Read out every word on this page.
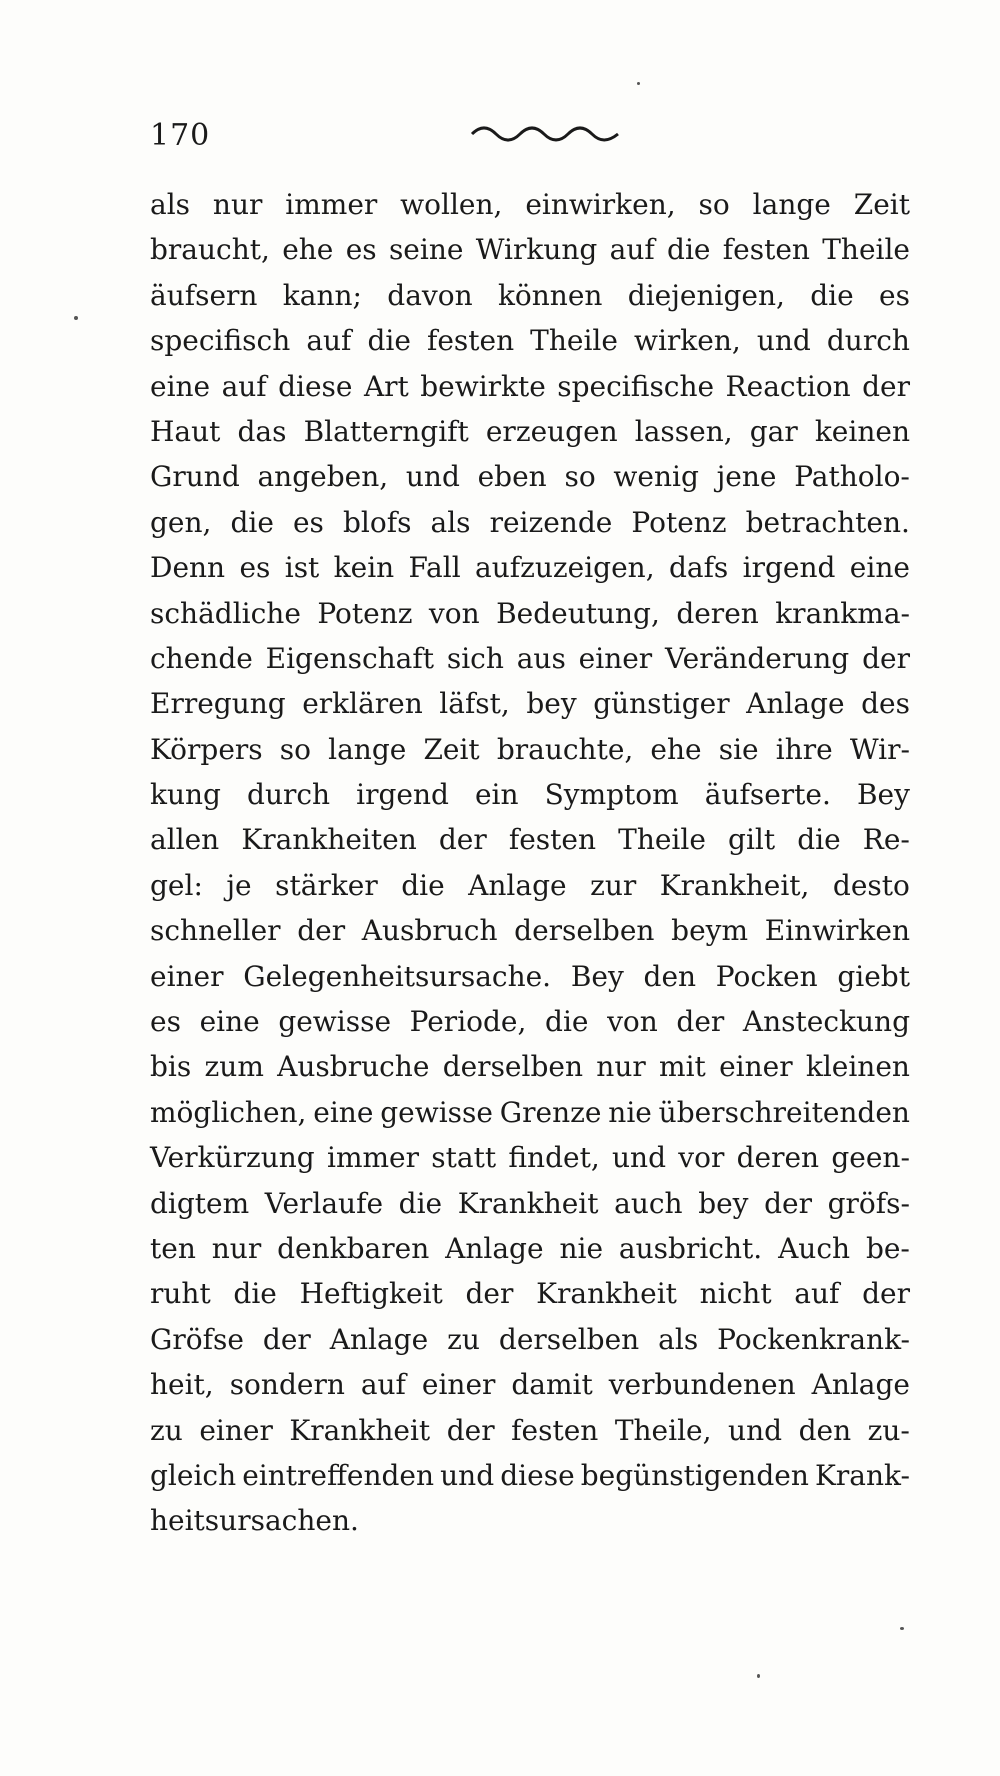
170
als nur immer wollen, einwirken, so lange Zeit
braucht, ehe es seine Wirkung auf die festen Theile
äufsern kann; davon können diejenigen, die es
specifisch auf die festen Theile wirken, und durch
eine auf diese Art bewirkte specifische Reaction der
Haut das Blatterngift erzeugen lassen, gar keinen
Grund angeben, und eben so wenig jene Patholo-
gen, die es blofs als reizende Potenz betrachten.
Denn es ist kein Fall aufzuzeigen, dafs irgend eine
schädliche Potenz von Bedeutung, deren krankma-
chende Eigenschaft sich aus einer Veränderung der
Erregung erklären läfst, bey günstiger Anlage des
Körpers so lange Zeit brauchte, ehe sie ihre Wir-
kung durch irgend ein Symptom äufserte. Bey
allen Krankheiten der festen Theile gilt die Re-
gel: je stärker die Anlage zur Krankheit, desto
schneller der Ausbruch derselben beym Einwirken
einer Gelegenheitsursache. Bey den Pocken giebt
es eine gewisse Periode, die von der Ansteckung
bis zum Ausbruche derselben nur mit einer kleinen
möglichen, eine gewisse Grenze nie überschreitenden
Verkürzung immer statt findet, und vor deren geen-
digtem Verlaufe die Krankheit auch bey der gröfs-
ten nur denkbaren Anlage nie ausbricht. Auch be-
ruht die Heftigkeit der Krankheit nicht auf der
Gröfse der Anlage zu derselben als Pockenkrank-
heit, sondern auf einer damit verbundenen Anlage
zu einer Krankheit der festen Theile, und den zu-
gleich eintreffenden und diese begünstigenden Krank-
heitsursachen.
